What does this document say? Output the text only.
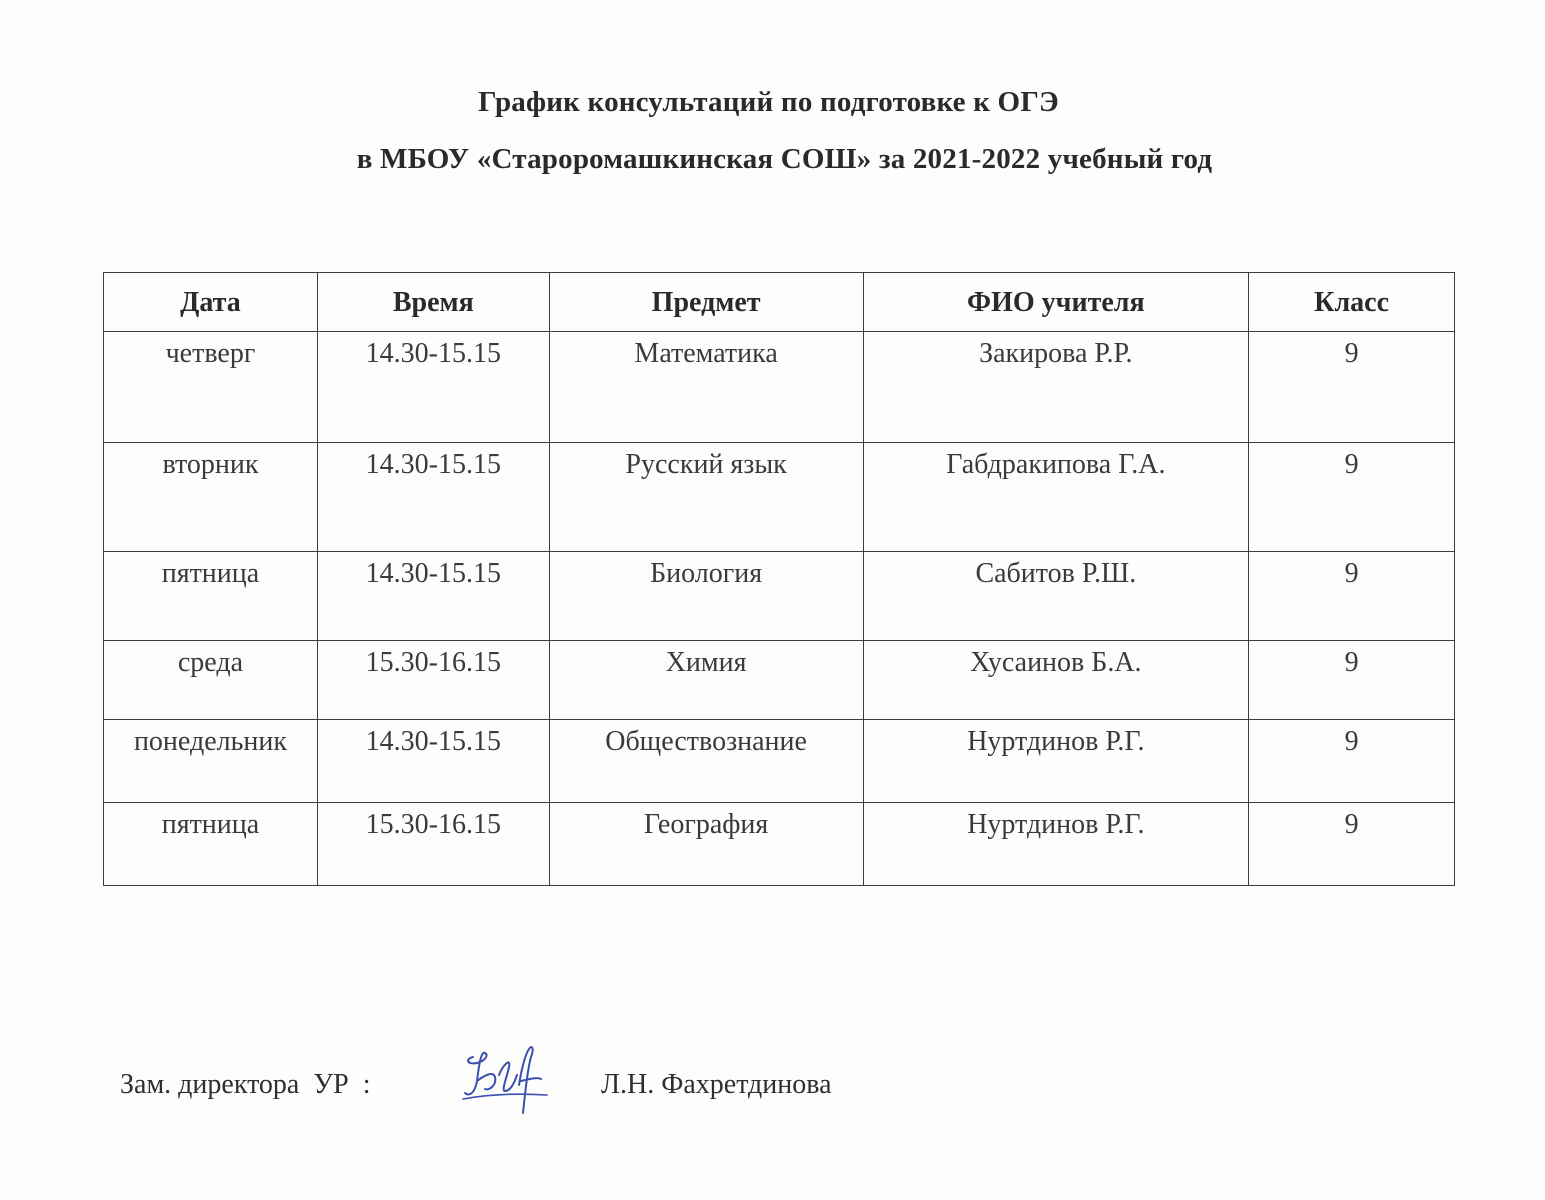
График консультаций по подготовке к ОГЭ
в МБОУ «Староромашкинская СОШ» за 2021-2022 учебный год
Дата	Время	Предмет	ФИО учителя	Класс
четверг	14.30-15.15	Математика	Закирова Р.Р.	9
вторник	14.30-15.15	Русский язык	Габдракипова Г.А.	9
пятница	14.30-15.15	Биология	Сабитов Р.Ш.	9
среда	15.30-16.15	Химия	Хусаинов Б.А.	9
понедельник	14.30-15.15	Обществознание	Нуртдинов Р.Г.	9
пятница	15.30-16.15	География	Нуртдинов Р.Г.	9
Зам. директора  УР  :	Л.Н. Фахретдинова
